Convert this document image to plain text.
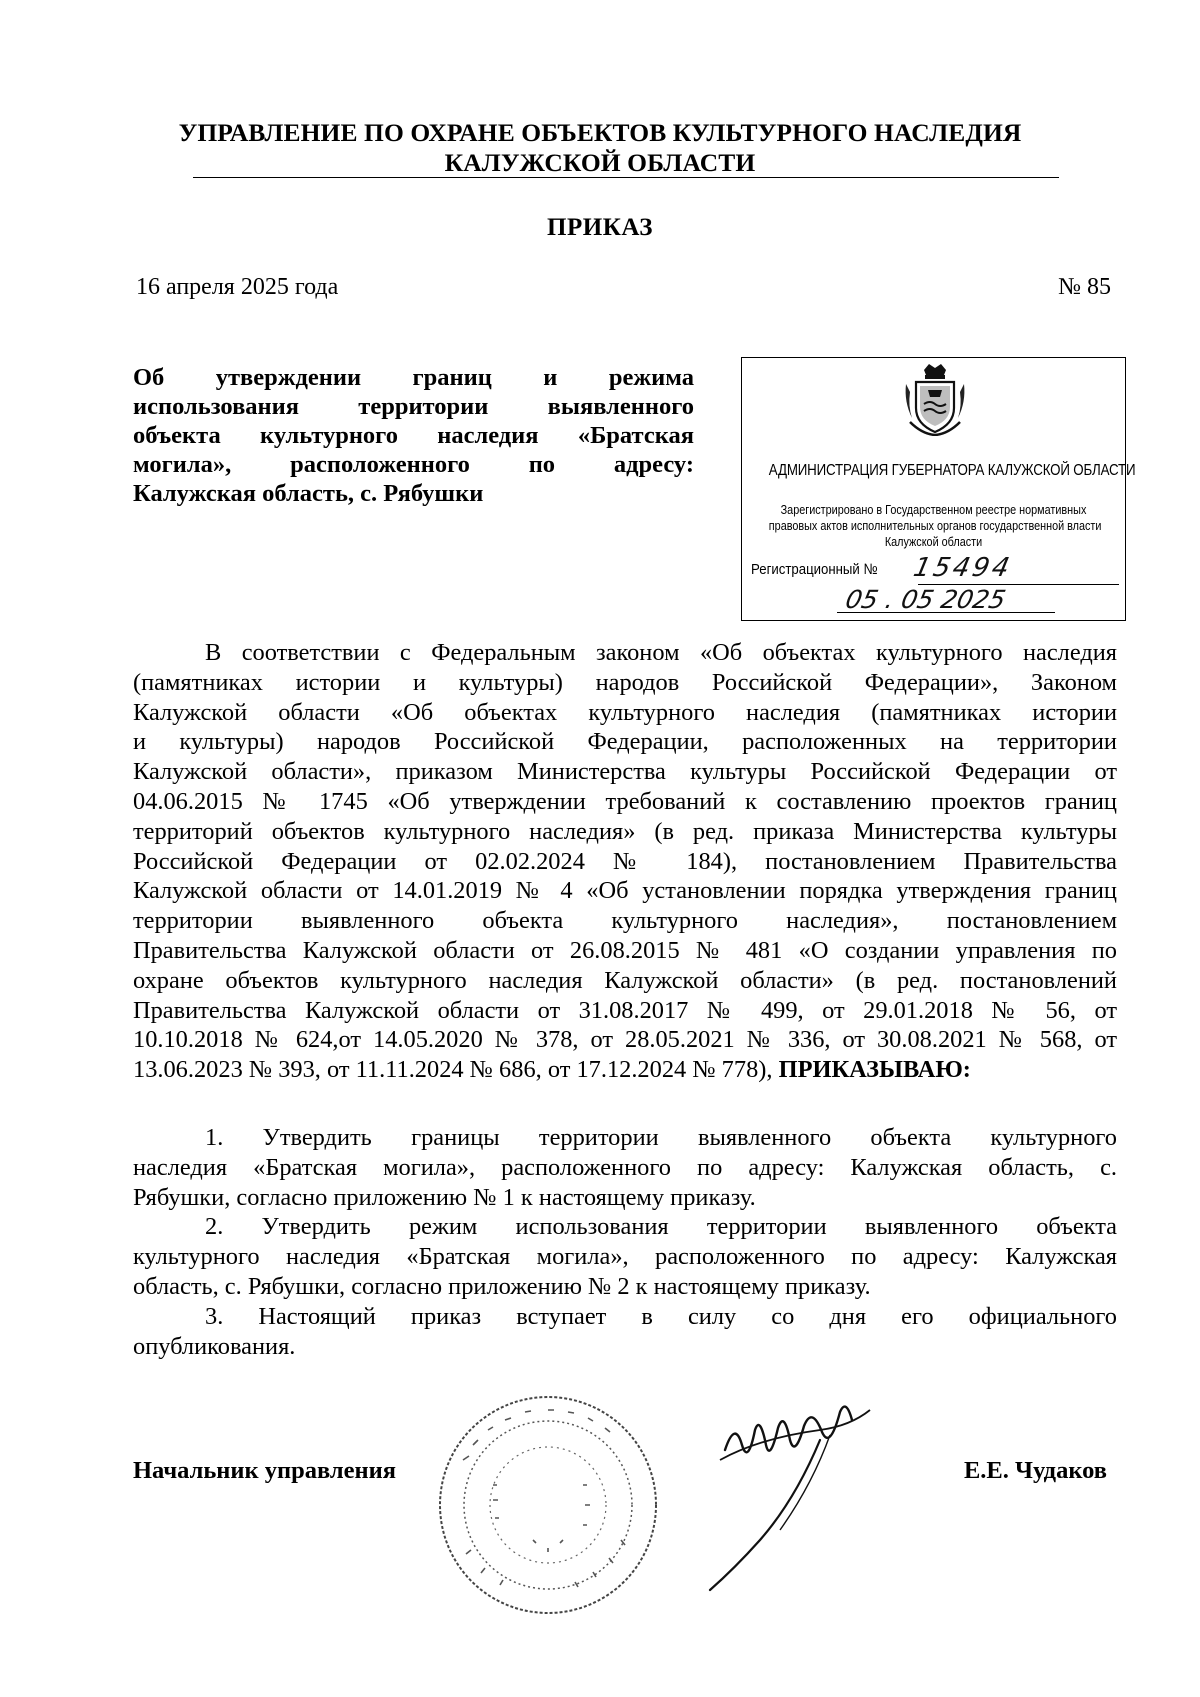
УПРАВЛЕНИЕ ПО ОХРАНЕ ОБЪЕКТОВ КУЛЬТУРНОГО НАСЛЕДИЯ
КАЛУЖСКОЙ ОБЛАСТИ
ПРИКАЗ
16 апреля 2025 года	№ 85
Об утверждении границ и режима
использования территории выявленного
объекта культурного наследия «Братская
могила», расположенного по адресу:
Калужская область, с. Рябушки
АДМИНИСТРАЦИЯ ГУБЕРНАТОРА КАЛУЖСКОЙ ОБЛАСТИ
Зарегистрировано в Государственном реестре нормативных
правовых актов исполнительных органов государственной власти
Калужской области
Регистрационный № 15494
05 . 05 2025
В соответствии с Федеральным законом «Об объектах культурного наследия
(памятниках истории и культуры) народов Российской Федерации», Законом
Калужской области «Об объектах культурного наследия (памятниках истории
и культуры) народов Российской Федерации, расположенных на территории
Калужской области», приказом Министерства культуры Российской Федерации от
04.06.2015 № 1745 «Об утверждении требований к составлению проектов границ
территорий объектов культурного наследия» (в ред. приказа Министерства культуры
Российской Федерации от 02.02.2024 № 184), постановлением Правительства
Калужской области от 14.01.2019 № 4 «Об установлении порядка утверждения границ
территории выявленного объекта культурного наследия», постановлением
Правительства Калужской области от 26.08.2015 № 481 «О создании управления по
охране объектов культурного наследия Калужской области» (в ред. постановлений
Правительства Калужской области от 31.08.2017 № 499, от 29.01.2018 № 56, от
10.10.2018 № 624,от 14.05.2020 № 378, от 28.05.2021 № 336, от 30.08.2021 № 568, от
13.06.2023 № 393, от 11.11.2024 № 686, от 17.12.2024 № 778), ПРИКАЗЫВАЮ:
1. Утвердить границы территории выявленного объекта культурного
наследия «Братская могила», расположенного по адресу: Калужская область, с.
Рябушки, согласно приложению № 1 к настоящему приказу.
2. Утвердить режим использования территории выявленного объекта
культурного наследия «Братская могила», расположенного по адресу: Калужская
область, с. Рябушки, согласно приложению № 2 к настоящему приказу.
3. Настоящий приказ вступает в силу со дня его официального
опубликования.
Начальник управления	Е.Е. Чудаков
